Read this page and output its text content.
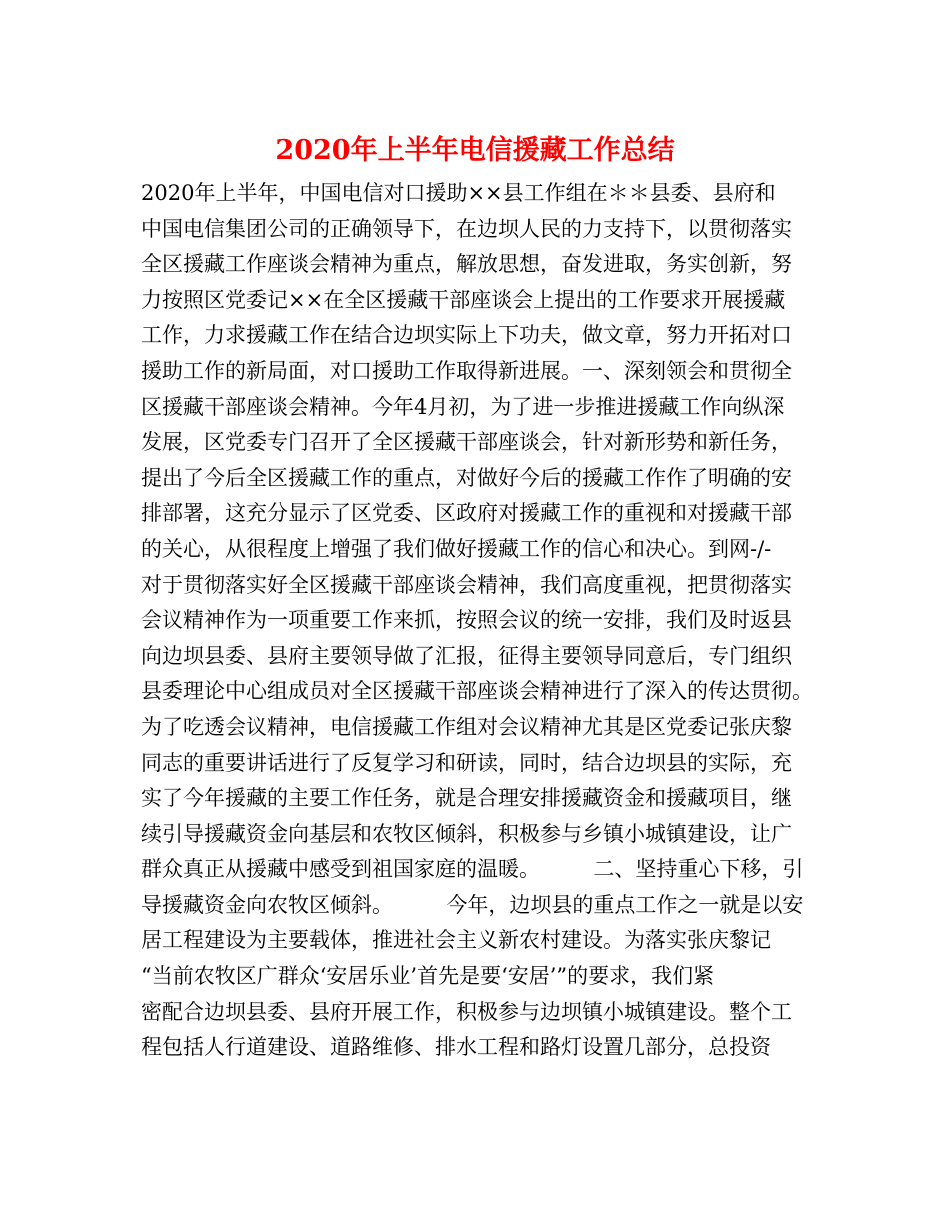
2020年上半年电信援藏工作总结
2020年上半年，中国电信对口援助××县工作组在＊＊县委、县府和
中国电信集团公司的正确领导下，在边坝人民的力支持下，以贯彻落实
全区援藏工作座谈会精神为重点，解放思想，奋发进取，务实创新，努
力按照区党委记××在全区援藏干部座谈会上提出的工作要求开展援藏
工作，力求援藏工作在结合边坝实际上下功夫，做文章，努力开拓对口
援助工作的新局面，对口援助工作取得新进展。一、深刻领会和贯彻全
区援藏干部座谈会精神。今年4月初，为了进一步推进援藏工作向纵深
发展，区党委专门召开了全区援藏干部座谈会，针对新形势和新任务，
提出了今后全区援藏工作的重点，对做好今后的援藏工作作了明确的安
排部署，这充分显示了区党委、区政府对援藏工作的重视和对援藏干部
的关心，从很程度上增强了我们做好援藏工作的信心和决心。到网-/-
对于贯彻落实好全区援藏干部座谈会精神，我们高度重视，把贯彻落实
会议精神作为一项重要工作来抓，按照会议的统一安排，我们及时返县
向边坝县委、县府主要领导做了汇报，征得主要领导同意后，专门组织
县委理论中心组成员对全区援藏干部座谈会精神进行了深入的传达贯彻。
为了吃透会议精神，电信援藏工作组对会议精神尤其是区党委记张庆黎
同志的重要讲话进行了反复学习和研读，同时，结合边坝县的实际，充
实了今年援藏的主要工作任务，就是合理安排援藏资金和援藏项目，继
续引导援藏资金向基层和农牧区倾斜，积极参与乡镇小城镇建设，让广
群众真正从援藏中感受到祖国家庭的温暖。        二、坚持重心下移，引
导援藏资金向农牧区倾斜。        今年，边坝县的重点工作之一就是以安
居工程建设为主要载体，推进社会主义新农村建设。为落实张庆黎记
“当前农牧区广群众‘安居乐业’首先是要‘安居’”的要求，我们紧
密配合边坝县委、县府开展工作，积极参与边坝镇小城镇建设。整个工
程包括人行道建设、道路维修、排水工程和路灯设置几部分，总投资
